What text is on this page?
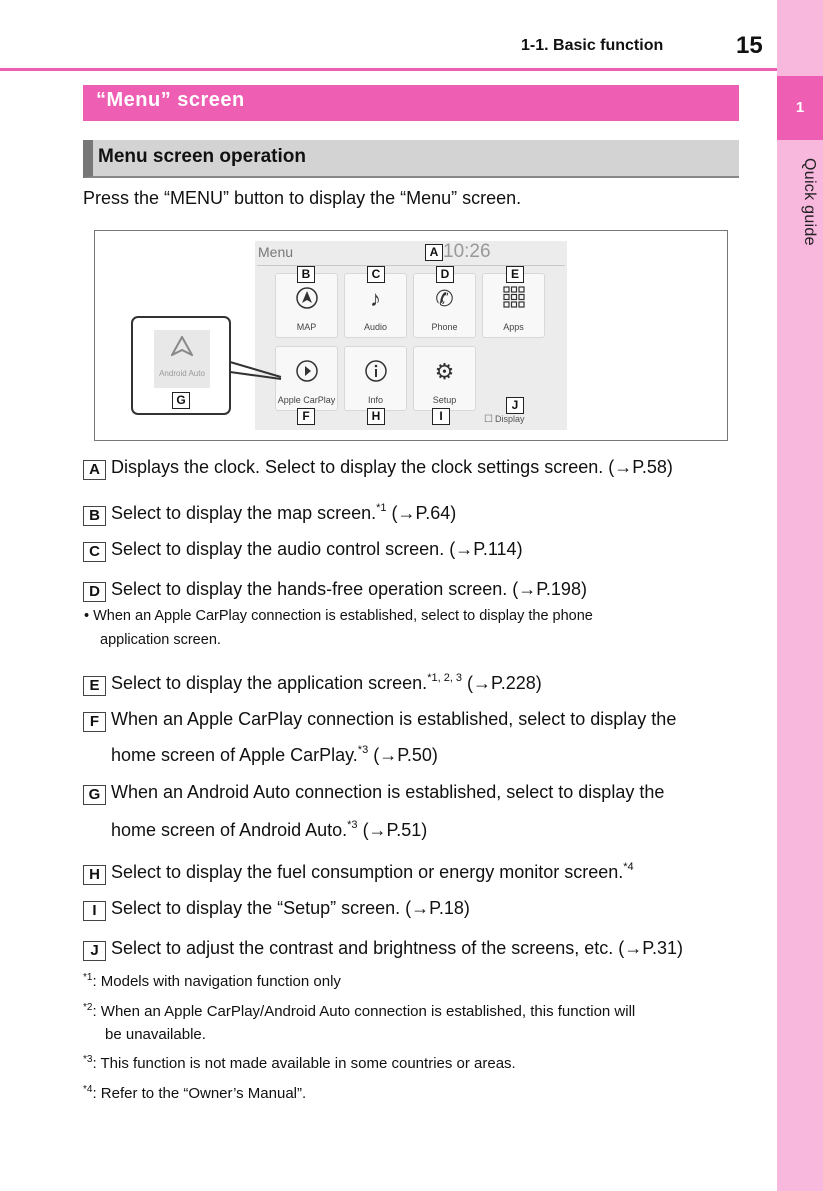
1
Quick guide
1-1. Basic function	15
“Menu” screen
Menu screen operation
Press the “MENU” button to display the “Menu” screen.
Menu	10:26
MAP
♪
Audio
✆
Phone	Apps
Apple CarPlay	Info
⚙
Setup
☐ Display
Android Auto
A
B	C	D	E
F
G
H	I
J
A Displays the clock. Select to display the clock settings screen. (→P.58)
B Select to display the map screen.$^{*1}$ (→P.64)
C Select to display the audio control screen. (→P.114)
D Select to display the hands-free operation screen. (→P.198)
• When an Apple CarPlay connection is established, select to display the phone
application screen.
E Select to display the application screen.$^{*1, 2, 3}$ (→P.228)
F When an Apple CarPlay connection is established, select to display the
home screen of Apple CarPlay.$^{*3}$ (→P.50)
G When an Android Auto connection is established, select to display the
home screen of Android Auto.$^{*3}$ (→P.51)
H Select to display the fuel consumption or energy monitor screen.$^{*4}$
I Select to display the “Setup” screen. (→P.18)
J Select to adjust the contrast and brightness of the screens, etc. (→P.31)
$^{*1}$: Models with navigation function only
$^{*2}$: When an Apple CarPlay/Android Auto connection is established, this function will
be unavailable.
$^{*3}$: This function is not made available in some countries or areas.
$^{*4}$: Refer to the “Owner’s Manual”.
